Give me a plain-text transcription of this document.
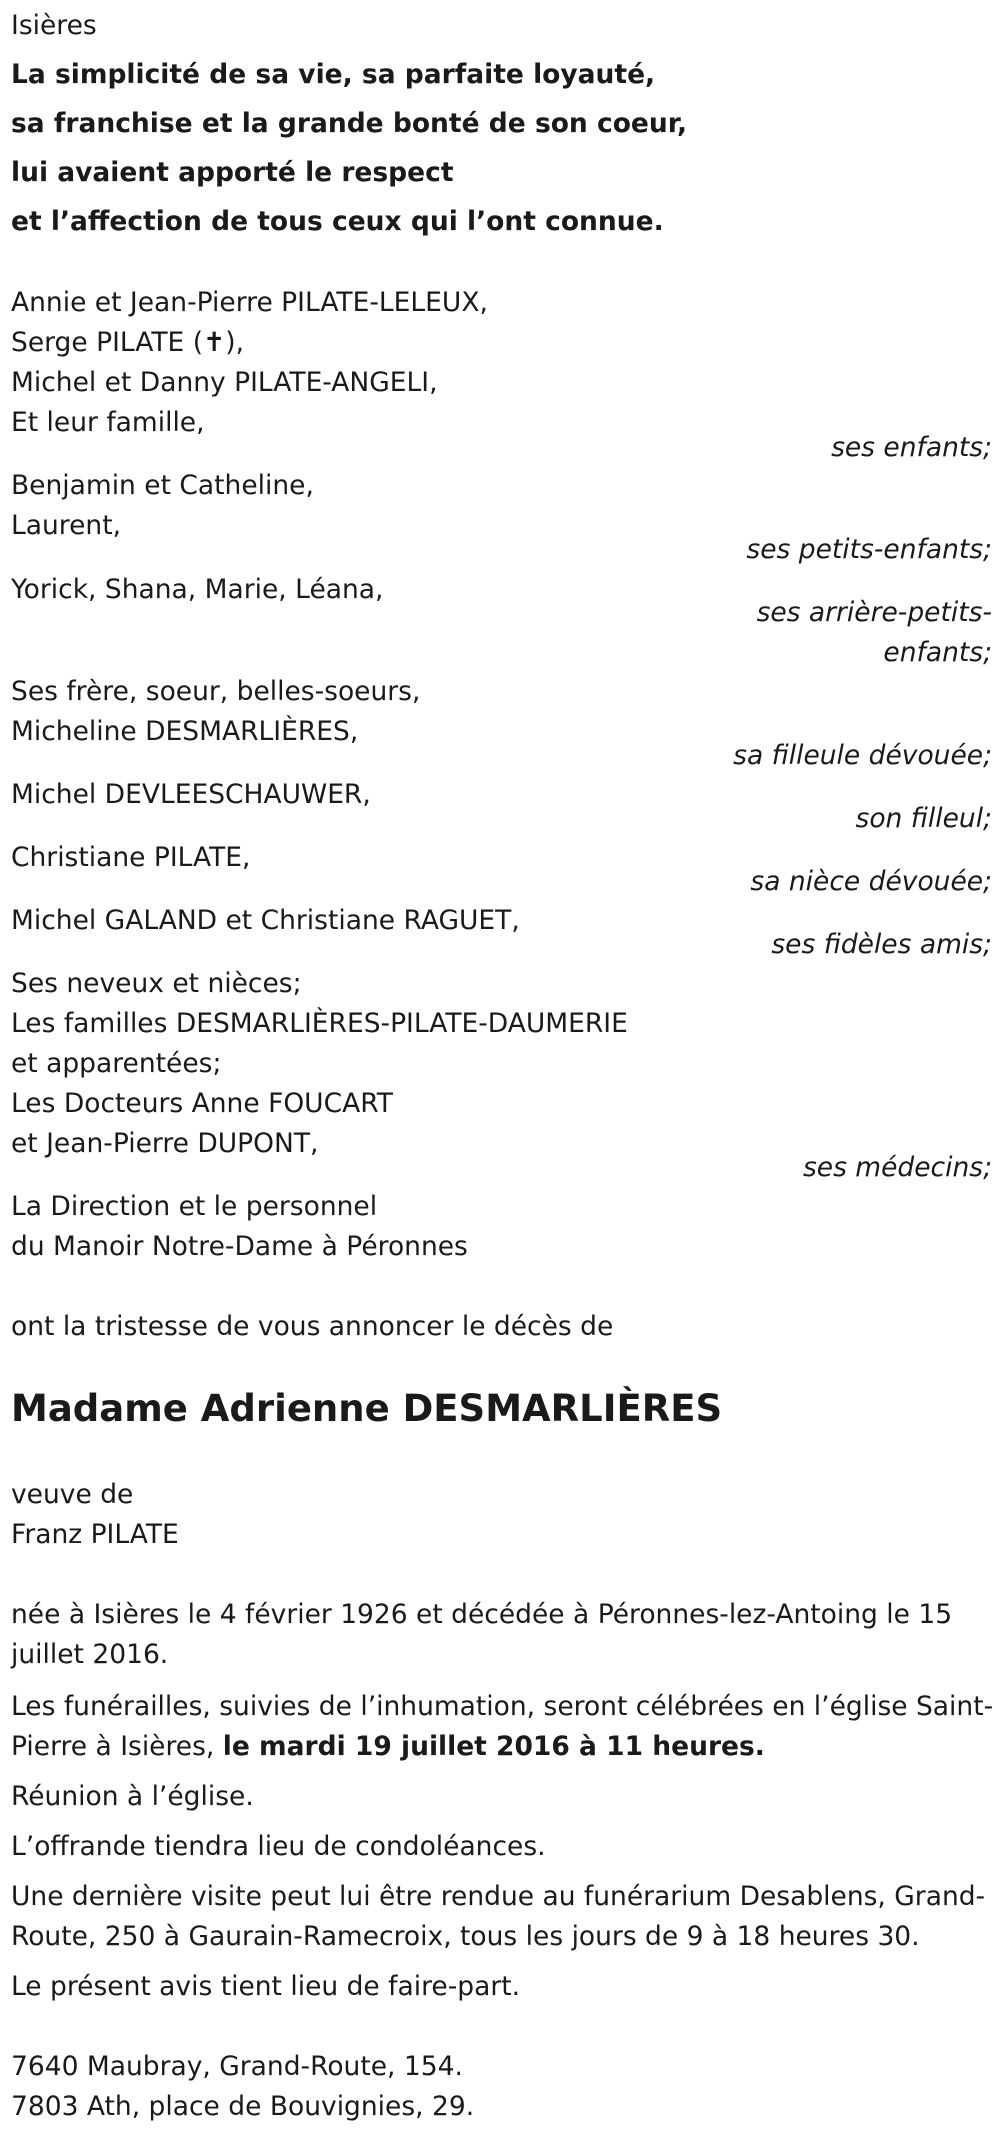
Isières
La simplicité de sa vie, sa parfaite loyauté,
sa franchise et la grande bonté de son coeur,
lui avaient apporté le respect
et l’affection de tous ceux qui l’ont connue.
Annie et Jean-Pierre PILATE-LELEUX,
Serge PILATE (✝),
Michel et Danny PILATE-ANGELI,
Et leur famille,
ses enfants;
Benjamin et Catheline,
Laurent,
ses petits-enfants;
Yorick, Shana, Marie, Léana,
ses arrière-petits-
enfants;
Ses frère, soeur, belles-soeurs,
Micheline DESMARLIÈRES,
sa filleule dévouée;
Michel DEVLEESCHAUWER,
son filleul;
Christiane PILATE,
sa nièce dévouée;
Michel GALAND et Christiane RAGUET,
ses fidèles amis;
Ses neveux et nièces;
Les familles DESMARLIÈRES-PILATE-DAUMERIE
et apparentées;
Les Docteurs Anne FOUCART
et Jean-Pierre DUPONT,
ses médecins;
La Direction et le personnel
du Manoir Notre-Dame à Péronnes
ont la tristesse de vous annoncer le décès de
Madame Adrienne DESMARLIÈRES
veuve de
Franz PILATE
née à Isières le 4 février 1926 et décédée à Péronnes-lez-Antoing le 15
juillet 2016.
Les funérailles, suivies de l’inhumation, seront célébrées en l’église Saint-
Pierre à Isières, le mardi 19 juillet 2016 à 11 heures.
Réunion à l’église.
L’offrande tiendra lieu de condoléances.
Une dernière visite peut lui être rendue au funérarium Desablens, Grand-
Route, 250 à Gaurain-Ramecroix, tous les jours de 9 à 18 heures 30.
Le présent avis tient lieu de faire-part.
7640 Maubray, Grand-Route, 154.
7803 Ath, place de Bouvignies, 29.
